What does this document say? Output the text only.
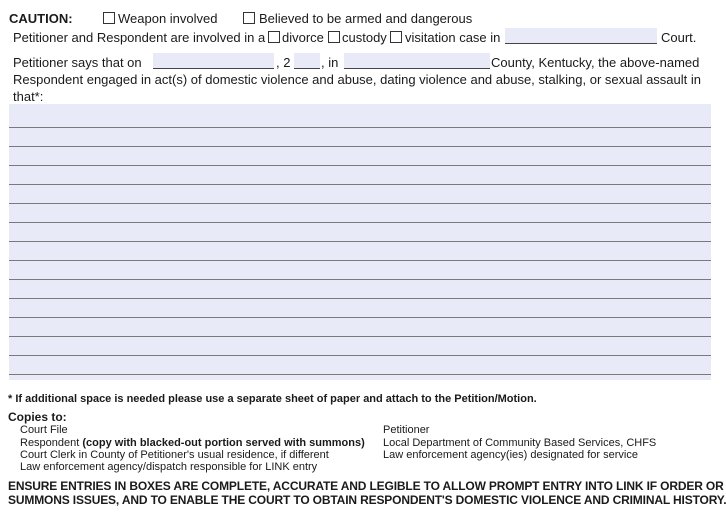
CAUTION:	Weapon involved	Believed to be armed and dangerous
Petitioner and Respondent are involved in a divorce custody visitation case in	Court.
Petitioner says that on	, 2 , in	County, Kentucky, the above-named
Respondent engaged in act(s) of domestic violence and abuse, dating violence and abuse, stalking, or sexual assault in
that*:
* If additional space is needed please use a separate sheet of paper and attach to the Petition/Motion.
Copies to:
Court File
Respondent (copy with blacked-out portion served with summons)
Court Clerk in County of Petitioner's usual residence, if different
Law enforcement agency/dispatch responsible for LINK entry
Petitioner
Local Department of Community Based Services, CHFS
Law enforcement agency(ies) designated for service
ENSURE ENTRIES IN BOXES ARE COMPLETE, ACCURATE AND LEGIBLE TO ALLOW PROMPT ENTRY INTO LINK IF ORDER OR
SUMMONS ISSUES, AND TO ENABLE THE COURT TO OBTAIN RESPONDENT'S DOMESTIC VIOLENCE AND CRIMINAL HISTORY.
